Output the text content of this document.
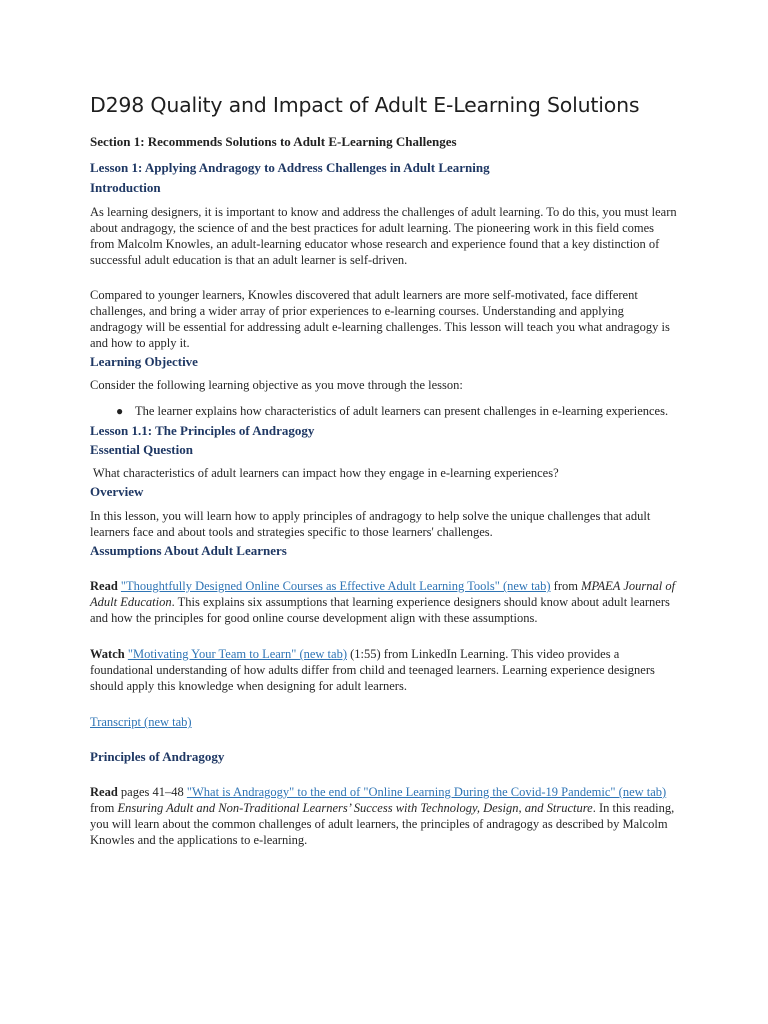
D298 Quality and Impact of Adult E-Learning Solutions
Section 1: Recommends Solutions to Adult E-Learning Challenges
Lesson 1: Applying Andragogy to Address Challenges in Adult Learning
Introduction
As learning designers, it is important to know and address the challenges of adult learning. To do this, you must learn about andragogy, the science of and the best practices for adult learning. The pioneering work in this field comes from Malcolm Knowles, an adult-learning educator whose research and experience found that a key distinction of successful adult education is that an adult learner is self-driven.
Compared to younger learners, Knowles discovered that adult learners are more self-motivated, face different challenges, and bring a wider array of prior experiences to e-learning courses. Understanding and applying andragogy will be essential for addressing adult e-learning challenges. This lesson will teach you what andragogy is and how to apply it.
Learning Objective
Consider the following learning objective as you move through the lesson:
● The learner explains how characteristics of adult learners can present challenges in e-learning experiences.
Lesson 1.1: The Principles of Andragogy
Essential Question
What characteristics of adult learners can impact how they engage in e-learning experiences?
Overview
In this lesson, you will learn how to apply principles of andragogy to help solve the unique challenges that adult learners face and about tools and strategies specific to those learners' challenges.
Assumptions About Adult Learners
Read "Thoughtfully Designed Online Courses as Effective Adult Learning Tools" (new tab) from MPAEA Journal of Adult Education. This explains six assumptions that learning experience designers should know about adult learners and how the principles for good online course development align with these assumptions.
Watch "Motivating Your Team to Learn" (new tab) (1:55) from LinkedIn Learning. This video provides a foundational understanding of how adults differ from child and teenaged learners. Learning experience designers should apply this knowledge when designing for adult learners.
Transcript (new tab)
Principles of Andragogy
Read pages 41–48 "What is Andragogy" to the end of "Online Learning During the Covid-19 Pandemic" (new tab) from Ensuring Adult and Non-Traditional Learners’ Success with Technology, Design, and Structure. In this reading, you will learn about the common challenges of adult learners, the principles of andragogy as described by Malcolm Knowles and the applications to e-learning.
